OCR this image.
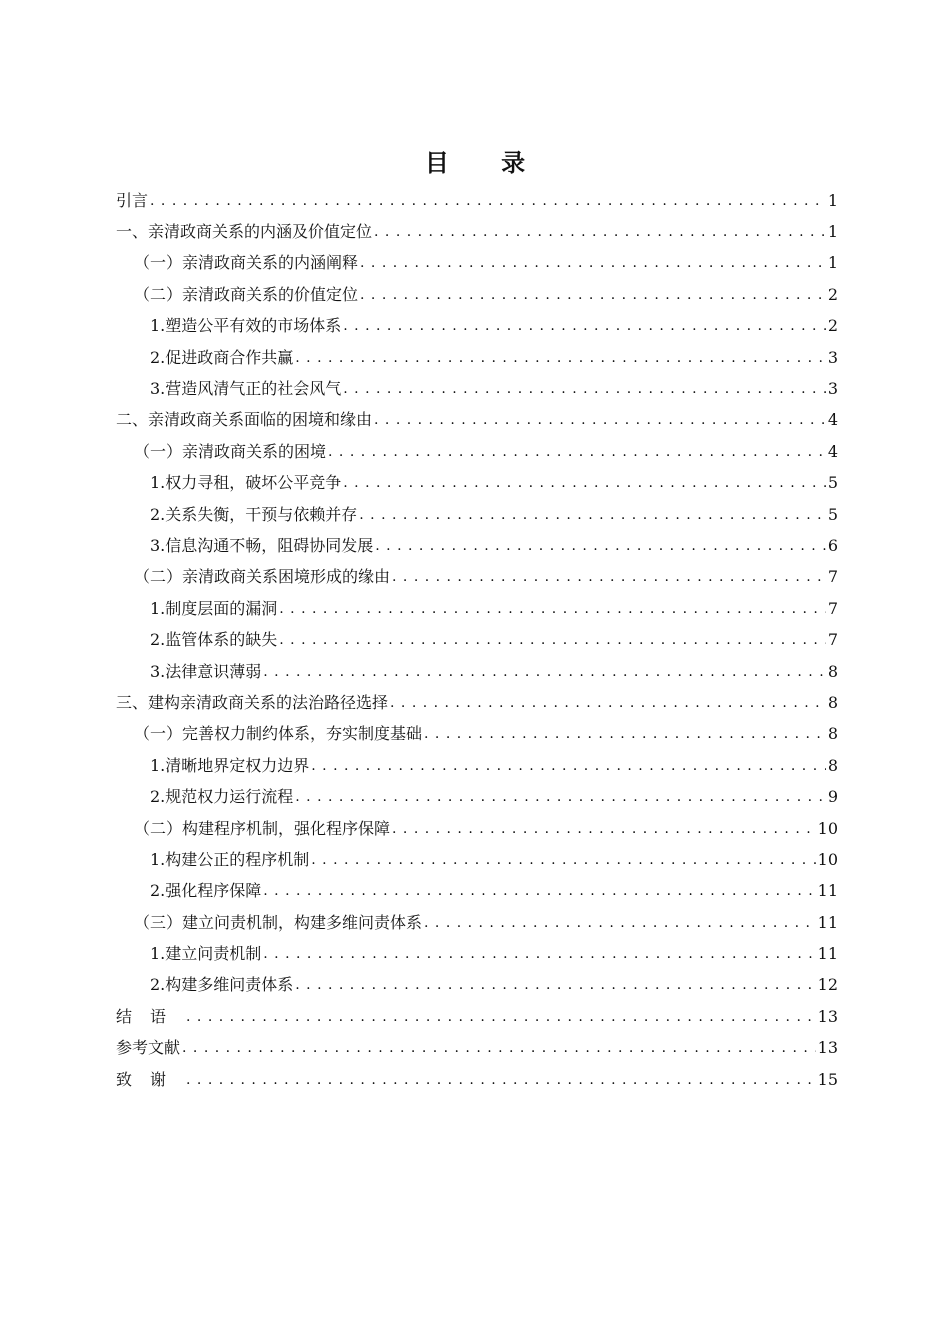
目 录
引言 . . .	1
一、亲清政商关系的内涵及价值定位 . . .	1
（一）亲清政商关系的内涵阐释 . . .	1
（二）亲清政商关系的价值定位 . . .	2
1.塑造公平有效的市场体系 . . .	2
2.促进政商合作共赢 . . .	3
3.营造风清气正的社会风气 . . .	3
二、亲清政商关系面临的困境和缘由 . . .	4
（一）亲清政商关系的困境 . . .	4
1.权力寻租，破坏公平竞争 . . .	5
2.关系失衡，干预与依赖并存 . . .	5
3.信息沟通不畅，阻碍协同发展 . . .	6
（二）亲清政商关系困境形成的缘由 . . .	7
1.制度层面的漏洞 . . .	7
2.监管体系的缺失 . . .	7
3.法律意识薄弱 . . .	8
三、建构亲清政商关系的法治路径选择 . . .	8
（一）完善权力制约体系，夯实制度基础 . . .	8
1.清晰地界定权力边界 . . .	8
2.规范权力运行流程 . . .	9
（二）构建程序机制，强化程序保障 . . .	10
1.构建公正的程序机制 . . .	10
2.强化程序保障 . . .	11
（三）建立问责机制，构建多维问责体系 . . .	11
1.建立问责机制 . . .	11
2.构建多维问责体系 . . .	12
结语 . . .	13
参考文献 . . .	13
致谢 . . .	15
